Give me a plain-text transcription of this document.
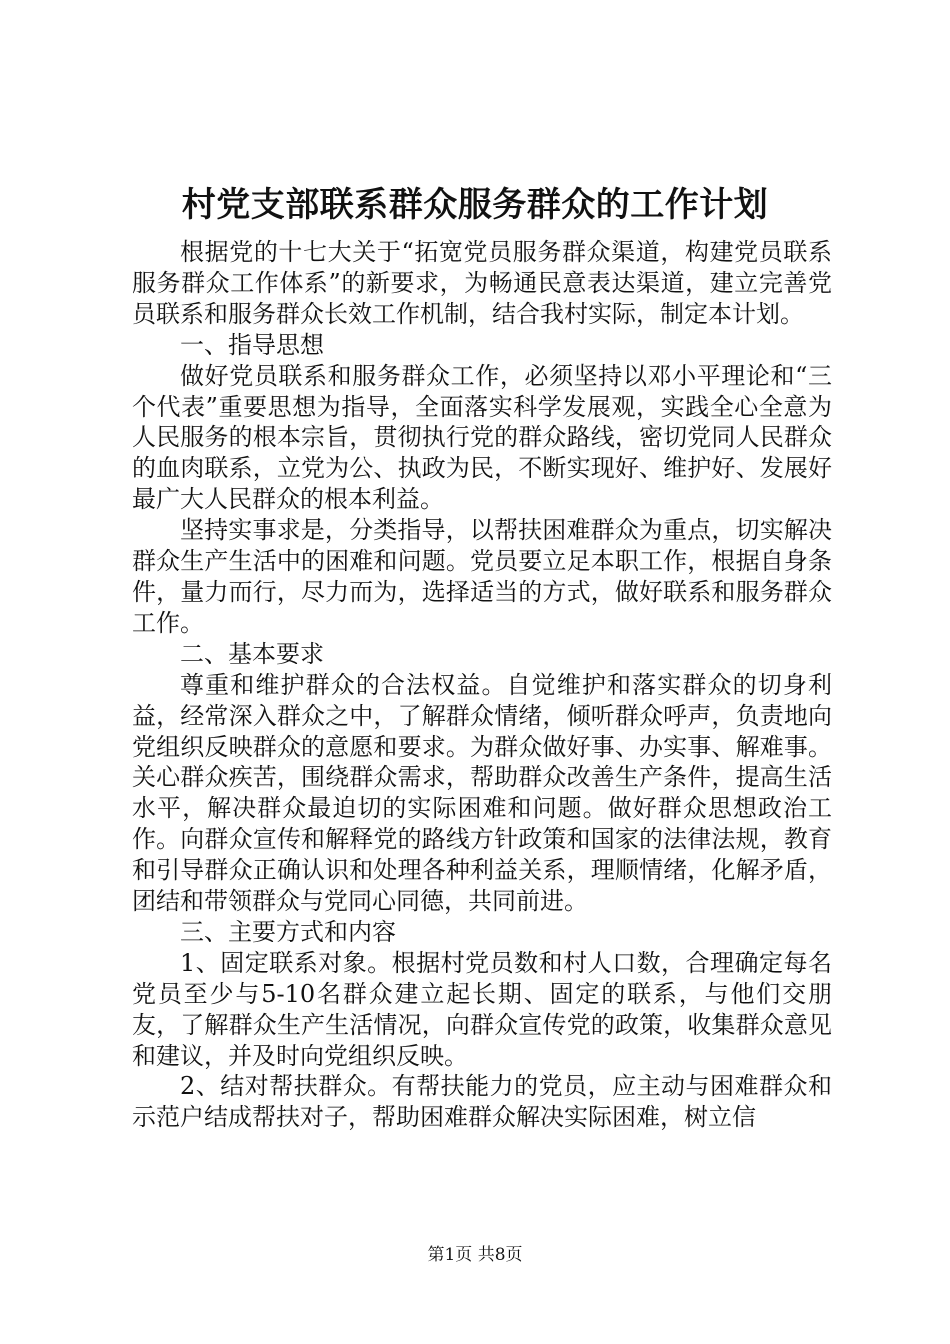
村党支部联系群众服务群众的工作计划

根据党的十七大关于“拓宽党员服务群众渠道，构建党员联系服务群众工作体系”的新要求，为畅通民意表达渠道，建立完善党员联系和服务群众长效工作机制，结合我村实际，制定本计划。

一、指导思想

做好党员联系和服务群众工作，必须坚持以邓小平理论和“三个代表”重要思想为指导，全面落实科学发展观，实践全心全意为人民服务的根本宗旨，贯彻执行党的群众路线，密切党同人民群众的血肉联系，立党为公、执政为民，不断实现好、维护好、发展好最广大人民群众的根本利益。

坚持实事求是，分类指导，以帮扶困难群众为重点，切实解决群众生产生活中的困难和问题。党员要立足本职工作，根据自身条件，量力而行，尽力而为，选择适当的方式，做好联系和服务群众工作。

二、基本要求

尊重和维护群众的合法权益。自觉维护和落实群众的切身利益，经常深入群众之中，了解群众情绪，倾听群众呼声，负责地向党组织反映群众的意愿和要求。为群众做好事、办实事、解难事。关心群众疾苦，围绕群众需求，帮助群众改善生产条件，提高生活水平，解决群众最迫切的实际困难和问题。做好群众思想政治工作。向群众宣传和解释党的路线方针政策和国家的法律法规，教育和引导群众正确认识和处理各种利益关系，理顺情绪，化解矛盾，团结和带领群众与党同心同德，共同前进。

三、主要方式和内容

1、固定联系对象。根据村党员数和村人口数，合理确定每名党员至少与5-10名群众建立起长期、固定的联系，与他们交朋友，了解群众生产生活情况，向群众宣传党的政策，收集群众意见和建议，并及时向党组织反映。

2、结对帮扶群众。有帮扶能力的党员，应主动与困难群众和示范户结成帮扶对子，帮助困难群众解决实际困难，树立信

第1页 共8页
